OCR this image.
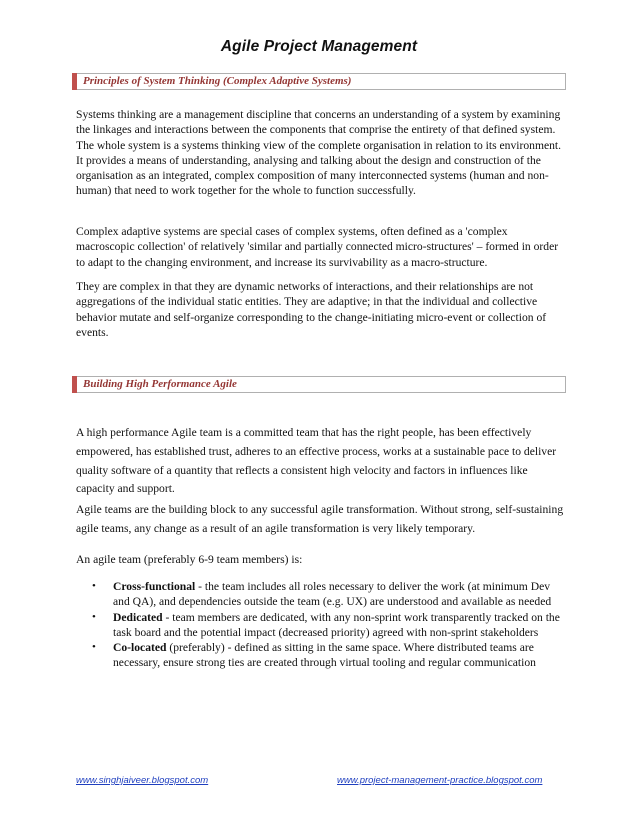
Agile Project Management
Principles of System Thinking (Complex Adaptive Systems)

Systems thinking are a management discipline that concerns an understanding of a system by examining the linkages and interactions between the components that comprise the entirety of that defined system. The whole system is a systems thinking view of the complete organisation in relation to its environment. It provides a means of understanding, analysing and talking about the design and construction of the organisation as an integrated, complex composition of many interconnected systems (human and non-human) that need to work together for the whole to function successfully.

Complex adaptive systems are special cases of complex systems, often defined as a 'complex macroscopic collection' of relatively 'similar and partially connected micro-structures' – formed in order to adapt to the changing environment, and increase its survivability as a macro-structure.

They are complex in that they are dynamic networks of interactions, and their relationships are not aggregations of the individual static entities. They are adaptive; in that the individual and collective behavior mutate and self-organize corresponding to the change-initiating micro-event or collection of events.

Building High Performance Agile

A high performance Agile team is a committed team that has the right people, has been effectively empowered, has established trust, adheres to an effective process, works at a sustainable pace to deliver quality software of a quantity that reflects a consistent high velocity and factors in influences like capacity and support.

Agile teams are the building block to any successful agile transformation. Without strong, self-sustaining agile teams, any change as a result of an agile transformation is very likely temporary.

An agile team (preferably 6-9 team members) is:

• Cross-functional - the team includes all roles necessary to deliver the work (at minimum Dev and QA), and dependencies outside the team (e.g. UX) are understood and available as needed
• Dedicated - team members are dedicated, with any non-sprint work transparently tracked on the task board and the potential impact (decreased priority) agreed with non-sprint stakeholders
• Co-located (preferably) - defined as sitting in the same space. Where distributed teams are necessary, ensure strong ties are created through virtual tooling and regular communication
www.singhjaiveer.blogspot.com	www.project-management-practice.blogspot.com
